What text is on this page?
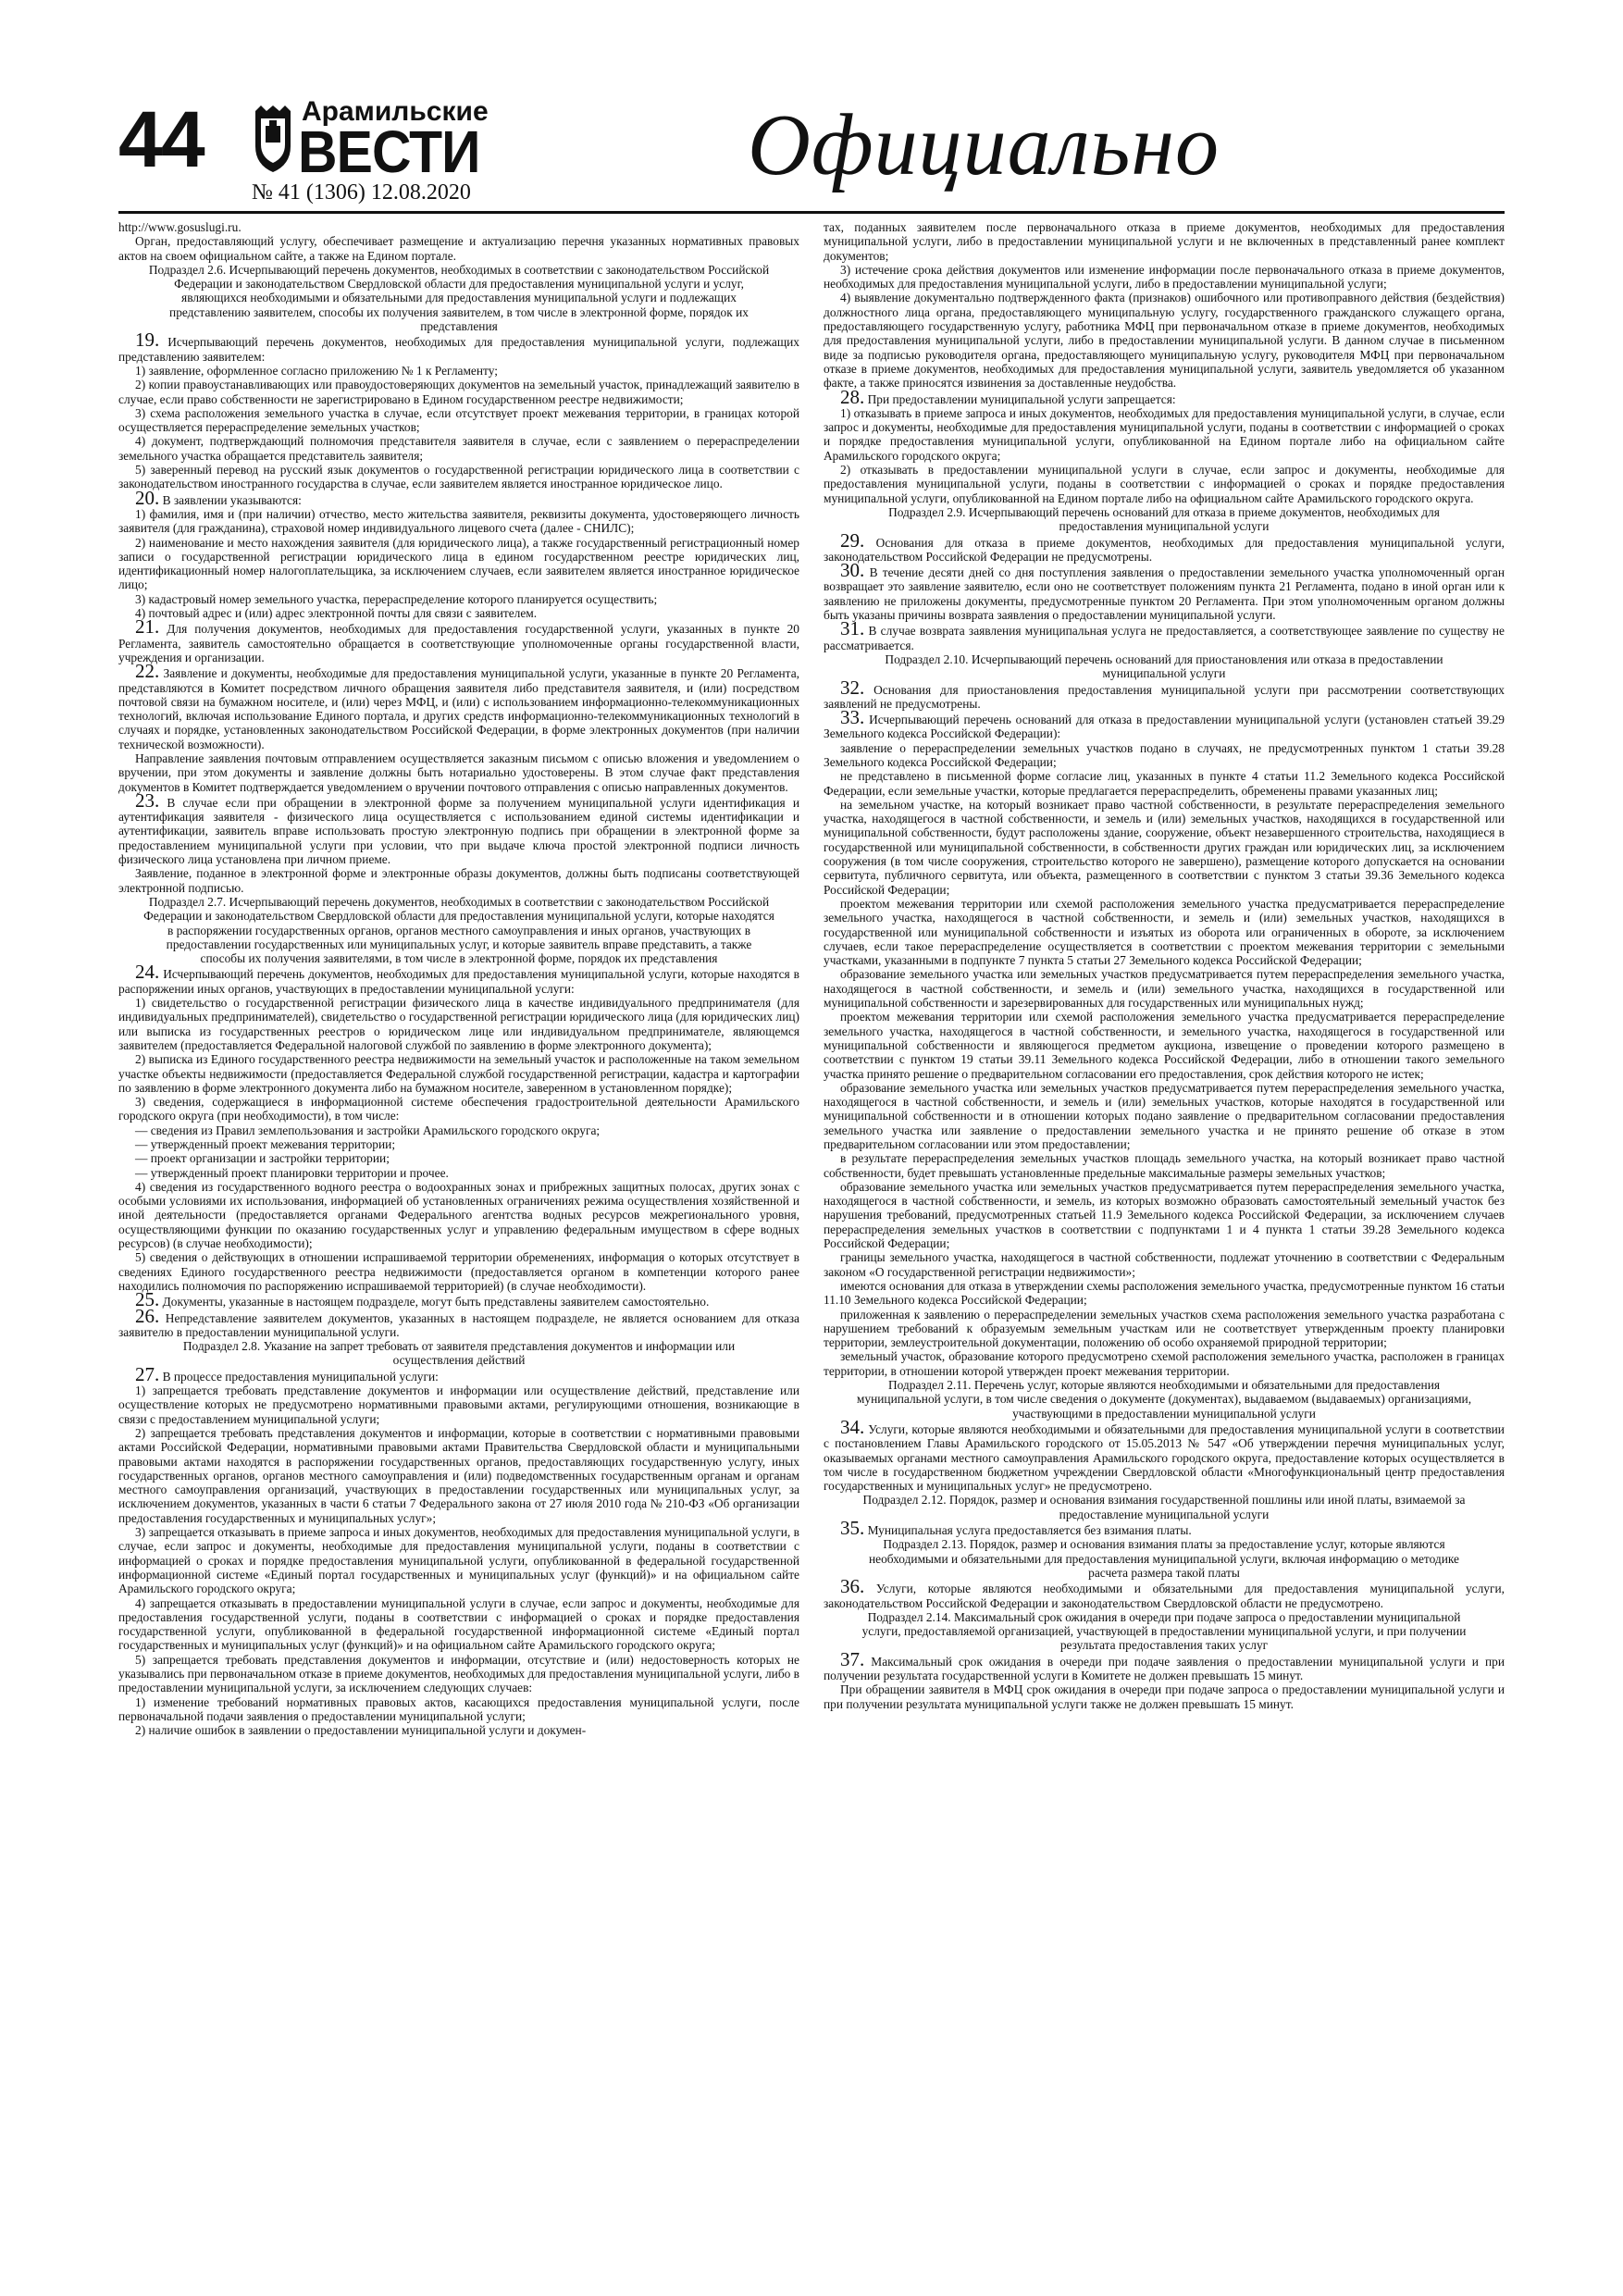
44	Арамильские
ВЕСТИ
№ 41 (1306) 12.08.2020	Официально

http://www.gosuslugi.ru.

Орган, предоставляющий услугу, обеспечивает размещение и актуализацию перечня указанных нормативных правовых актов на своем официальном сайте, а также на Едином портале.

Подраздел 2.6. Исчерпывающий перечень документов, необходимых в соответствии с законодательством Российской Федерации и законодательством Свердловской области для предоставления муниципальной услуги и услуг, являющихся необходимыми и обязательными для предоставления муниципальной услуги и подлежащих представлению заявителем, способы их получения заявителем, в том числе в электронной форме, порядок их представления

19. Исчерпывающий перечень документов, необходимых для предоставления муниципальной услуги, подлежащих представлению заявителем:

1) заявление, оформленное согласно приложению № 1 к Регламенту;

2) копии правоустанавливающих или правоудостоверяющих документов на земельный участок, принадлежащий заявителю в случае, если право собственности не зарегистрировано в Едином государственном реестре недвижимости;

3) схема расположения земельного участка в случае, если отсутствует проект межевания территории, в границах которой осуществляется перераспределение земельных участков;

4) документ, подтверждающий полномочия представителя заявителя в случае, если с заявлением о перераспределении земельного участка обращается представитель заявителя;

5) заверенный перевод на русский язык документов о государственной регистрации юридического лица в соответствии с законодательством иностранного государства в случае, если заявителем является иностранное юридическое лицо.

20. В заявлении указываются:

1) фамилия, имя и (при наличии) отчество, место жительства заявителя, реквизиты документа, удостоверяющего личность заявителя (для гражданина), страховой номер индивидуального лицевого счета (далее - СНИЛС);

2) наименование и место нахождения заявителя (для юридического лица), а также государственный регистрационный номер записи о государственной регистрации юридического лица в едином государственном реестре юридических лиц, идентификационный номер налогоплательщика, за исключением случаев, если заявителем является иностранное юридическое лицо;

3) кадастровый номер земельного участка, перераспределение которого планируется осуществить;

4) почтовый адрес и (или) адрес электронной почты для связи с заявителем.

21. Для получения документов, необходимых для предоставления государственной услуги, указанных в пункте 20 Регламента, заявитель самостоятельно обращается в соответствующие уполномоченные органы государственной власти, учреждения и организации.

22. Заявление и документы, необходимые для предоставления муниципальной услуги, указанные в пункте 20 Регламента, представляются в Комитет посредством личного обращения заявителя либо представителя заявителя, и (или) посредством почтовой связи на бумажном носителе, и (или) через МФЦ, и (или) с использованием информационно-телекоммуникационных технологий, включая использование Единого портала, и других средств информационно-телекоммуникационных технологий в случаях и порядке, установленных законодательством Российской Федерации, в форме электронных документов (при наличии технической возможности).

Направление заявления почтовым отправлением осуществляется заказным письмом с описью вложения и уведомлением о вручении, при этом документы и заявление должны быть нотариально удостоверены. В этом случае факт представления документов в Комитет подтверждается уведомлением о вручении почтового отправления с описью направленных документов.

23. В случае если при обращении в электронной форме за получением муниципальной услуги идентификация и аутентификация заявителя - физического лица осуществляется с использованием единой системы идентификации и аутентификации, заявитель вправе использовать простую электронную подпись при обращении в электронной форме за предоставлением муниципальной услуги при условии, что при выдаче ключа простой электронной подписи личность физического лица установлена при личном приеме.

Заявление, поданное в электронной форме и электронные образы документов, должны быть подписаны соответствующей электронной подписью.

Подраздел 2.7. Исчерпывающий перечень документов, необходимых в соответствии с законодательством Российской Федерации и законодательством Свердловской области для предоставления муниципальной услуги, которые находятся в распоряжении государственных органов, органов местного самоуправления и иных органов, участвующих в предоставлении государственных или муниципальных услуг, и которые заявитель вправе представить, а также способы их получения заявителями, в том числе в электронной форме, порядок их представления

24. Исчерпывающий перечень документов, необходимых для предоставления муниципальной услуги, которые находятся в распоряжении иных органов, участвующих в предоставлении муниципальной услуги:

1) свидетельство о государственной регистрации физического лица в качестве индивидуального предпринимателя (для индивидуальных предпринимателей), свидетельство о государственной регистрации юридического лица (для юридических лиц) или выписка из государственных реестров о юридическом лице или индивидуальном предпринимателе, являющемся заявителем (предоставляется Федеральной налоговой службой по заявлению в форме электронного документа);

2) выписка из Единого государственного реестра недвижимости на земельный участок и расположенные на таком земельном участке объекты недвижимости (предоставляется Федеральной службой государственной регистрации, кадастра и картографии по заявлению в форме электронного документа либо на бумажном носителе, заверенном в установленном порядке);

3) сведения, содержащиеся в информационной системе обеспечения градостроительной деятельности Арамильского городского округа (при необходимости), в том числе:

— сведения из Правил землепользования и застройки Арамильского городского округа;

— утвержденный проект межевания территории;

— проект организации и застройки территории;

— утвержденный проект планировки территории и прочее.

4) сведения из государственного водного реестра о водоохранных зонах и прибрежных защитных полосах, других зонах с особыми условиями их использования, информацией об установленных ограничениях режима осуществления хозяйственной и иной деятельности (предоставляется органами Федерального агентства водных ресурсов межрегионального уровня, осуществляющими функции по оказанию государственных услуг и управлению федеральным имуществом в сфере водных ресурсов) (в случае необходимости);

5) сведения о действующих в отношении испрашиваемой территории обременениях, информация о которых отсутствует в сведениях Единого государственного реестра недвижимости (предоставляется органом в компетенции которого ранее находились полномочия по распоряжению испрашиваемой территорией) (в случае необходимости).

25. Документы, указанные в настоящем подразделе, могут быть представлены заявителем самостоятельно.

26. Непредставление заявителем документов, указанных в настоящем подразделе, не является основанием для отказа заявителю в предоставлении муниципальной услуги.

Подраздел 2.8. Указание на запрет требовать от заявителя представления документов и информации или осуществления действий

27. В процессе предоставления муниципальной услуги:

1) запрещается требовать представление документов и информации или осуществление действий, представление или осуществление которых не предусмотрено нормативными правовыми актами, регулирующими отношения, возникающие в связи с предоставлением муниципальной услуги;

2) запрещается требовать представления документов и информации, которые в соответствии с нормативными правовыми актами Российской Федерации, нормативными правовыми актами Правительства Свердловской области и муниципальными правовыми актами находятся в распоряжении государственных органов, предоставляющих государственную услугу, иных государственных органов, органов местного самоуправления и (или) подведомственных государственным органам и органам местного самоуправления организаций, участвующих в предоставлении государственных или муниципальных услуг, за исключением документов, указанных в части 6 статьи 7 Федерального закона от 27 июля 2010 года № 210-ФЗ «Об организации предоставления государственных и муниципальных услуг»;

3) запрещается отказывать в приеме запроса и иных документов, необходимых для предоставления муниципальной услуги, в случае, если запрос и документы, необходимые для предоставления муниципальной услуги, поданы в соответствии с информацией о сроках и порядке предоставления муниципальной услуги, опубликованной в федеральной государственной информационной системе «Единый портал государственных и муниципальных услуг (функций)» и на официальном сайте Арамильского городского округа;

4) запрещается отказывать в предоставлении муниципальной услуги в случае, если запрос и документы, необходимые для предоставления государственной услуги, поданы в соответствии с информацией о сроках и порядке предоставления государственной услуги, опубликованной в федеральной государственной информационной системе «Единый портал государственных и муниципальных услуг (функций)» и на официальном сайте Арамильского городского округа;

5) запрещается требовать представления документов и информации, отсутствие и (или) недостоверность которых не указывались при первоначальном отказе в приеме документов, необходимых для предоставления муниципальной услуги, либо в предоставлении муниципальной услуги, за исключением следующих случаев:

1) изменение требований нормативных правовых актов, касающихся предоставления муниципальной услуги, после первоначальной подачи заявления о предоставлении муниципальной услуги;

2) наличие ошибок в заявлении о предоставлении муниципальной услуги и докумен-

тах, поданных заявителем после первоначального отказа в приеме документов, необходимых для предоставления муниципальной услуги, либо в предоставлении муниципальной услуги и не включенных в представленный ранее комплект документов;

3) истечение срока действия документов или изменение информации после первоначального отказа в приеме документов, необходимых для предоставления муниципальной услуги, либо в предоставлении муниципальной услуги;

4) выявление документально подтвержденного факта (признаков) ошибочного или противоправного действия (бездействия) должностного лица органа, предоставляющего муниципальную услугу, государственного гражданского служащего органа, предоставляющего государственную услугу, работника МФЦ при первоначальном отказе в приеме документов, необходимых для предоставления муниципальной услуги, либо в предоставлении муниципальной услуги. В данном случае в письменном виде за подписью руководителя органа, предоставляющего муниципальную услугу, руководителя МФЦ при первоначальном отказе в приеме документов, необходимых для предоставления муниципальной услуги, заявитель уведомляется об указанном факте, а также приносятся извинения за доставленные неудобства.

28. При предоставлении муниципальной услуги запрещается:

1) отказывать в приеме запроса и иных документов, необходимых для предоставления муниципальной услуги, в случае, если запрос и документы, необходимые для предоставления муниципальной услуги, поданы в соответствии с информацией о сроках и порядке предоставления муниципальной услуги, опубликованной на Едином портале либо на официальном сайте Арамильского городского округа;

2) отказывать в предоставлении муниципальной услуги в случае, если запрос и документы, необходимые для предоставления муниципальной услуги, поданы в соответствии с информацией о сроках и порядке предоставления муниципальной услуги, опубликованной на Едином портале либо на официальном сайте Арамильского городского округа.

Подраздел 2.9. Исчерпывающий перечень оснований для отказа в приеме документов, необходимых для предоставления муниципальной услуги

29. Основания для отказа в приеме документов, необходимых для предоставления муниципальной услуги, законодательством Российской Федерации не предусмотрены.

30. В течение десяти дней со дня поступления заявления о предоставлении земельного участка уполномоченный орган возвращает это заявление заявителю, если оно не соответствует положениям пункта 21 Регламента, подано в иной орган или к заявлению не приложены документы, предусмотренные пунктом 20 Регламента. При этом уполномоченным органом должны быть указаны причины возврата заявления о предоставлении муниципальной услуги.

31. В случае возврата заявления муниципальная услуга не предоставляется, а соответствующее заявление по существу не рассматривается.

Подраздел 2.10. Исчерпывающий перечень оснований для приостановления или отказа в предоставлении муниципальной услуги

32. Основания для приостановления предоставления муниципальной услуги при рассмотрении соответствующих заявлений не предусмотрены.

33. Исчерпывающий перечень оснований для отказа в предоставлении муниципальной услуги (установлен статьей 39.29 Земельного кодекса Российской Федерации):

заявление о перераспределении земельных участков подано в случаях, не предусмотренных пунктом 1 статьи 39.28 Земельного кодекса Российской Федерации;

не представлено в письменной форме согласие лиц, указанных в пункте 4 статьи 11.2 Земельного кодекса Российской Федерации, если земельные участки, которые предлагается перераспределить, обременены правами указанных лиц;

на земельном участке, на который возникает право частной собственности, в результате перераспределения земельного участка, находящегося в частной собственности, и земель и (или) земельных участков, находящихся в государственной или муниципальной собственности, будут расположены здание, сооружение, объект незавершенного строительства, находящиеся в государственной или муниципальной собственности, в собственности других граждан или юридических лиц, за исключением сооружения (в том числе сооружения, строительство которого не завершено), размещение которого допускается на основании сервитута, публичного сервитута, или объекта, размещенного в соответствии с пунктом 3 статьи 39.36 Земельного кодекса Российской Федерации;

проектом межевания территории или схемой расположения земельного участка предусматривается перераспределение земельного участка, находящегося в частной собственности, и земель и (или) земельных участков, находящихся в государственной или муниципальной собственности и изъятых из оборота или ограниченных в обороте, за исключением случаев, если такое перераспределение осуществляется в соответствии с проектом межевания территории с земельными участками, указанными в подпункте 7 пункта 5 статьи 27 Земельного кодекса Российской Федерации;

образование земельного участка или земельных участков предусматривается путем перераспределения земельного участка, находящегося в частной собственности, и земель и (или) земельного участка, находящихся в государственной или муниципальной собственности и зарезервированных для государственных или муниципальных нужд;

проектом межевания территории или схемой расположения земельного участка предусматривается перераспределение земельного участка, находящегося в частной собственности, и земельного участка, находящегося в государственной или муниципальной собственности и являющегося предметом аукциона, извещение о проведении которого размещено в соответствии с пунктом 19 статьи 39.11 Земельного кодекса Российской Федерации, либо в отношении такого земельного участка принято решение о предварительном согласовании его предоставления, срок действия которого не истек;

образование земельного участка или земельных участков предусматривается путем перераспределения земельного участка, находящегося в частной собственности, и земель и (или) земельных участков, которые находятся в государственной или муниципальной собственности и в отношении которых подано заявление о предварительном согласовании предоставления земельного участка или заявление о предоставлении земельного участка и не принято решение об отказе в этом предварительном согласовании или этом предоставлении;

в результате перераспределения земельных участков площадь земельного участка, на который возникает право частной собственности, будет превышать установленные предельные максимальные размеры земельных участков;

образование земельного участка или земельных участков предусматривается путем перераспределения земельного участка, находящегося в частной собственности, и земель, из которых возможно образовать самостоятельный земельный участок без нарушения требований, предусмотренных статьей 11.9 Земельного кодекса Российской Федерации, за исключением случаев перераспределения земельных участков в соответствии с подпунктами 1 и 4 пункта 1 статьи 39.28 Земельного кодекса Российской Федерации;

границы земельного участка, находящегося в частной собственности, подлежат уточнению в соответствии с Федеральным законом «О государственной регистрации недвижимости»;

имеются основания для отказа в утверждении схемы расположения земельного участка, предусмотренные пунктом 16 статьи 11.10 Земельного кодекса Российской Федерации;

приложенная к заявлению о перераспределении земельных участков схема расположения земельного участка разработана с нарушением требований к образуемым земельным участкам или не соответствует утвержденным проекту планировки территории, землеустроительной документации, положению об особо охраняемой природной территории;

земельный участок, образование которого предусмотрено схемой расположения земельного участка, расположен в границах территории, в отношении которой утвержден проект межевания территории.

Подраздел 2.11. Перечень услуг, которые являются необходимыми и обязательными для предоставления муниципальной услуги, в том числе сведения о документе (документах), выдаваемом (выдаваемых) организациями, участвующими в предоставлении муниципальной услуги

34. Услуги, которые являются необходимыми и обязательными для предоставления муниципальной услуги в соответствии с постановлением Главы Арамильского городского от 15.05.2013 № 547 «Об утверждении перечня муниципальных услуг, оказываемых органами местного самоуправления Арамильского городского округа, предоставление которых осуществляется в том числе в государственном бюджетном учреждении Свердловской области «Многофункциональный центр предоставления государственных и муниципальных услуг» не предусмотрено.

Подраздел 2.12. Порядок, размер и основания взимания государственной пошлины или иной платы, взимаемой за предоставление муниципальной услуги

35. Муниципальная услуга предоставляется без взимания платы.

Подраздел 2.13. Порядок, размер и основания взимания платы за предоставление услуг, которые являются необходимыми и обязательными для предоставления муниципальной услуги, включая информацию о методике расчета размера такой платы

36. Услуги, которые являются необходимыми и обязательными для предоставления муниципальной услуги, законодательством Российской Федерации и законодательством Свердловской области не предусмотрено.

Подраздел 2.14. Максимальный срок ожидания в очереди при подаче запроса о предоставлении муниципальной услуги, предоставляемой организацией, участвующей в предоставлении муниципальной услуги, и при получении результата предоставления таких услуг

37. Максимальный срок ожидания в очереди при подаче заявления о предоставлении муниципальной услуги и при получении результата государственной услуги в Комитете не должен превышать 15 минут.

При обращении заявителя в МФЦ срок ожидания в очереди при подаче запроса о предоставлении муниципальной услуги и при получении результата муниципальной услуги также не должен превышать 15 минут.
